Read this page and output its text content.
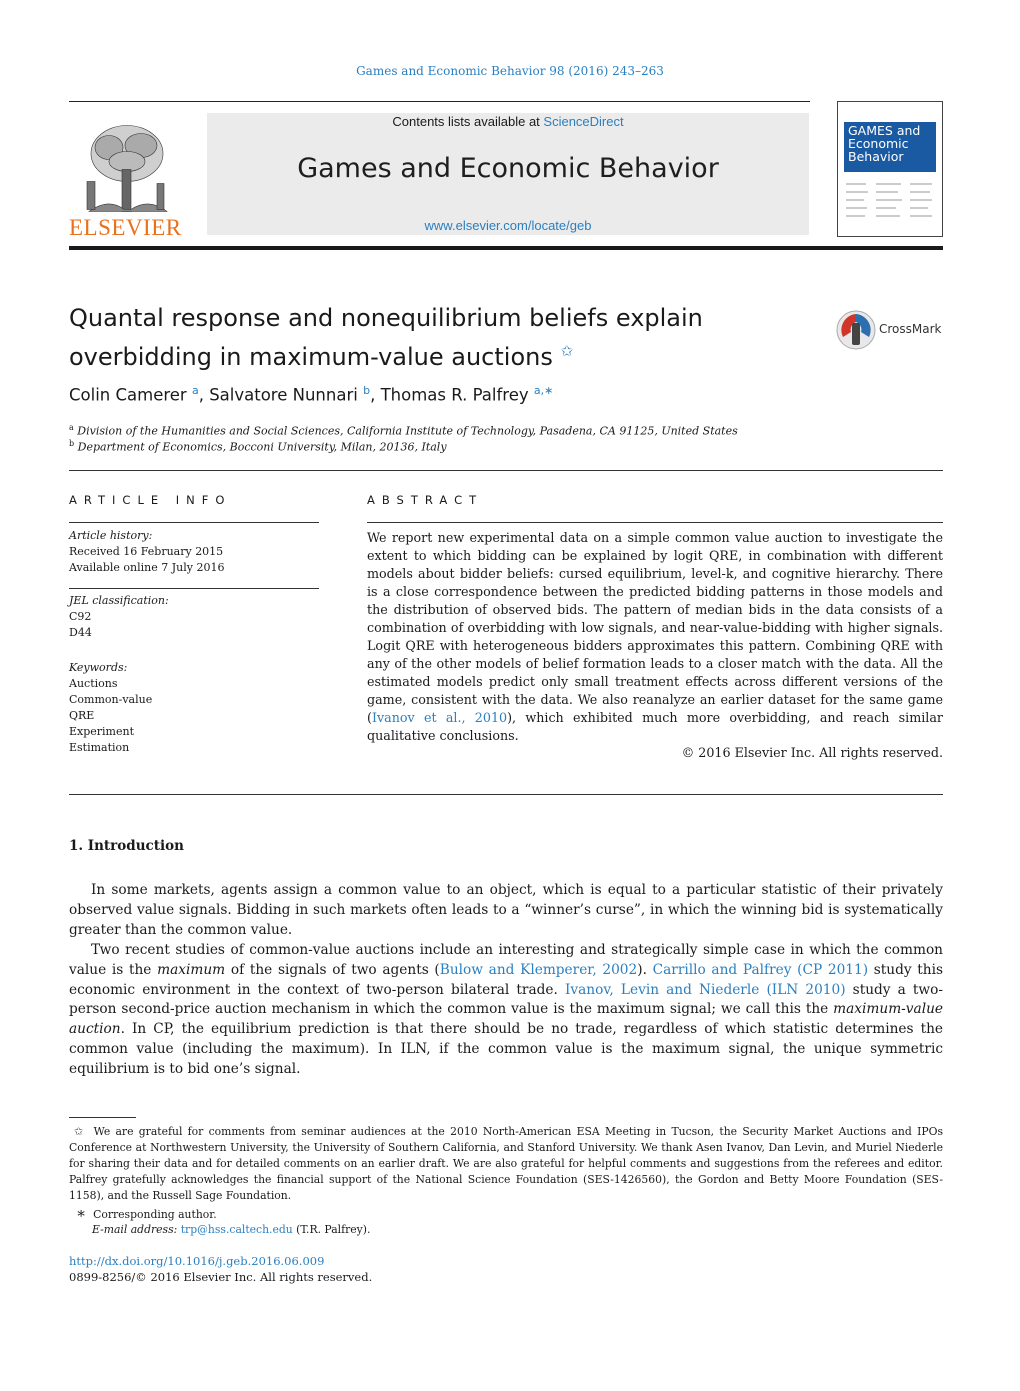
Games and Economic Behavior 98 (2016) 243–263
ELSEVIER
Contents lists available at ScienceDirect
Games and Economic Behavior
www.elsevier.com/locate/geb
GAMES and
Economic
Behavior
Quantal response and nonequilibrium beliefs explain
overbidding in maximum-value auctions ✩
CrossMark
Colin Camerer $^a$, Salvatore Nunnari $^b$, Thomas R. Palfrey $^{a,∗}$
$^a$ Division of the Humanities and Social Sciences, California Institute of Technology, Pasadena, CA 91125, United States
$^b$ Department of Economics, Bocconi University, Milan, 20136, Italy
ARTICLE INFO
Article history:
Received 16 February 2015
Available online 7 July 2016
JEL classification:
C92
D44
Keywords:
Auctions
Common-value
QRE
Experiment
Estimation
ABSTRACT
We report new experimental data on a simple common value auction to investigate the extent to which bidding can be explained by logit QRE, in combination with different models about bidder beliefs: cursed equilibrium, level-k, and cognitive hierarchy. There is a close correspondence between the predicted bidding patterns in those models and the distribution of observed bids. The pattern of median bids in the data consists of a combination of overbidding with low signals, and near-value-bidding with higher signals. Logit QRE with heterogeneous bidders approximates this pattern. Combining QRE with any of the other models of belief formation leads to a closer match with the data. All the estimated models predict only small treatment effects across different versions of the game, consistent with the data. We also reanalyze an earlier dataset for the same game (Ivanov et al., 2010), which exhibited much more overbidding, and reach similar qualitative conclusions.
© 2016 Elsevier Inc. All rights reserved.
1. Introduction
In some markets, agents assign a common value to an object, which is equal to a particular statistic of their privately observed value signals. Bidding in such markets often leads to a “winner’s curse”, in which the winning bid is systematically greater than the common value.
Two recent studies of common-value auctions include an interesting and strategically simple case in which the common value is the maximum of the signals of two agents (Bulow and Klemperer, 2002). Carrillo and Palfrey (CP 2011) study this economic environment in the context of two-person bilateral trade. Ivanov, Levin and Niederle (ILN 2010) study a two-person second-price auction mechanism in which the common value is the maximum signal; we call this the maximum-value auction. In CP, the equilibrium prediction is that there should be no trade, regardless of which statistic determines the common value (including the maximum). In ILN, if the common value is the maximum signal, the unique symmetric equilibrium is to bid one’s signal.
✩ We are grateful for comments from seminar audiences at the 2010 North-American ESA Meeting in Tucson, the Security Market Auctions and IPOs Conference at Northwestern University, the University of Southern California, and Stanford University. We thank Asen Ivanov, Dan Levin, and Muriel Niederle for sharing their data and for detailed comments on an earlier draft. We are also grateful for helpful comments and suggestions from the referees and editor. Palfrey gratefully acknowledges the financial support of the National Science Foundation (SES-1426560), the Gordon and Betty Moore Foundation (SES-1158), and the Russell Sage Foundation.
∗ Corresponding author.
E-mail address: trp@hss.caltech.edu (T.R. Palfrey).
http://dx.doi.org/10.1016/j.geb.2016.06.009
0899-8256/© 2016 Elsevier Inc. All rights reserved.
